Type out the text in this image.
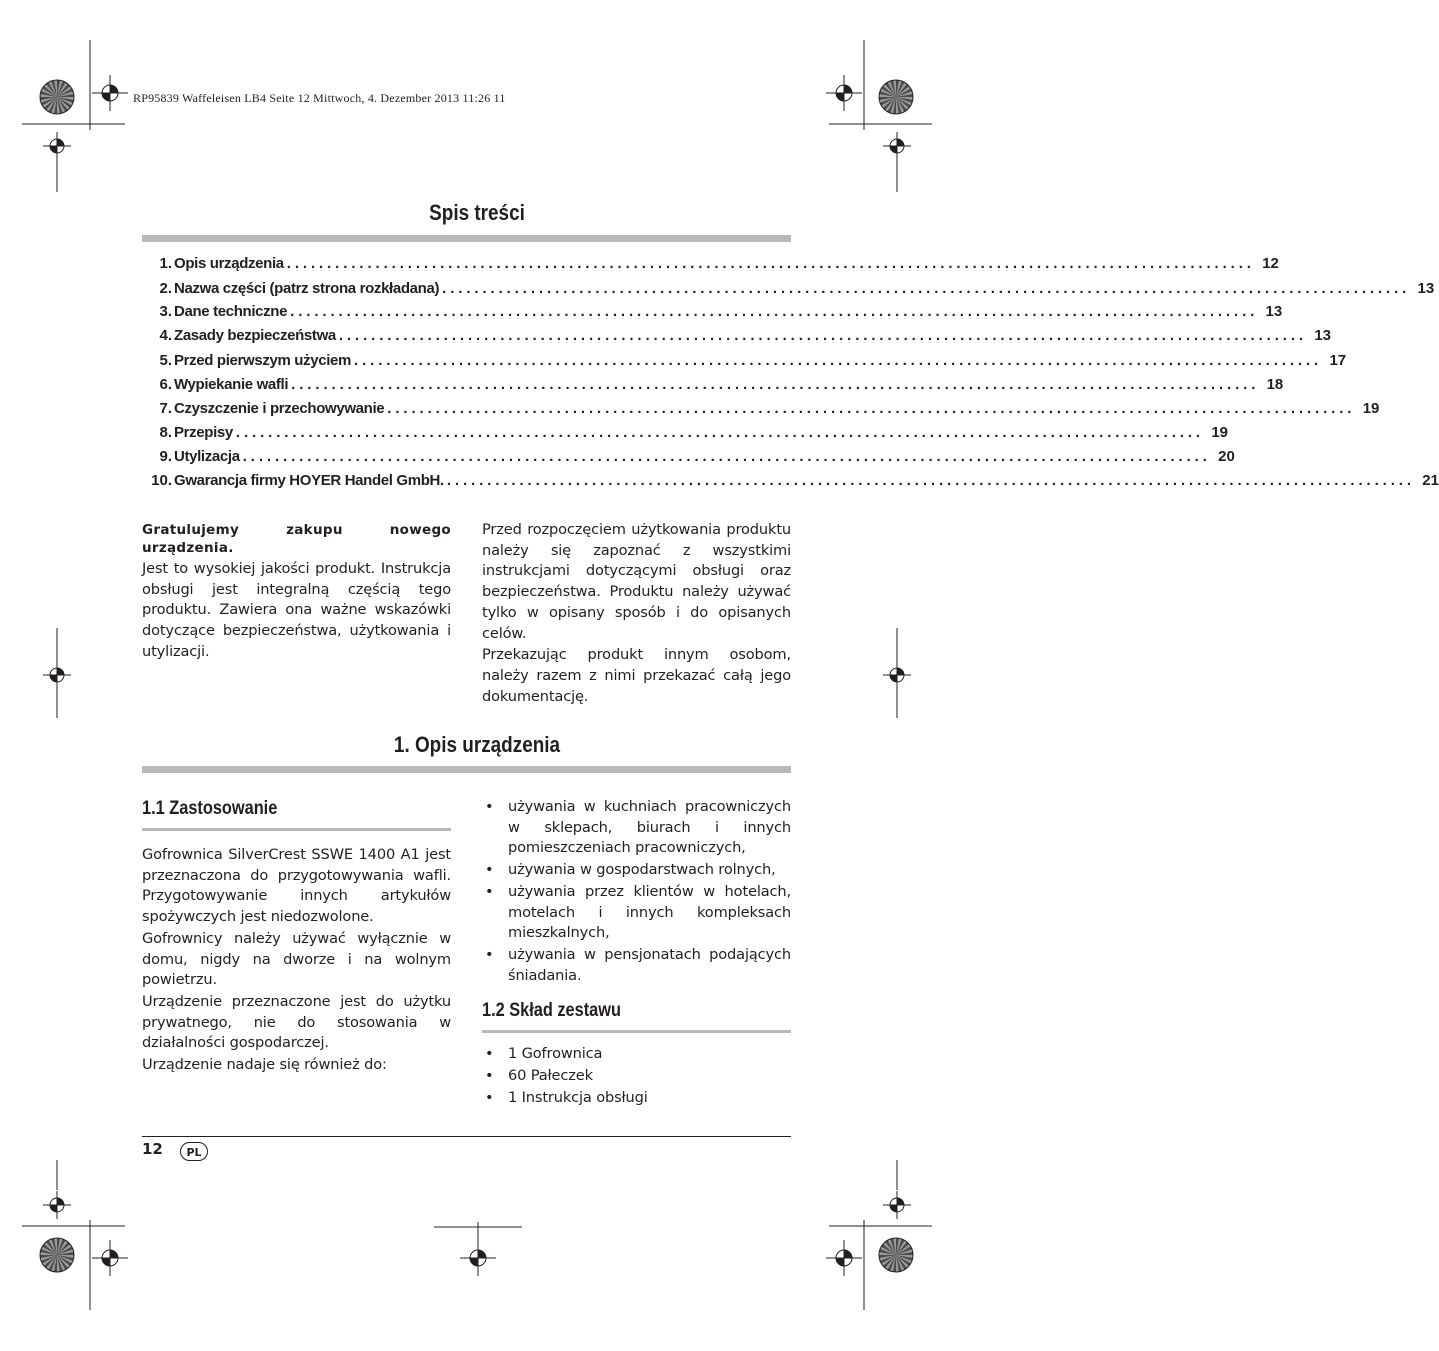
RP95839 Waffeleisen LB4 Seite 12 Mittwoch, 4. Dezember 2013 11:26 11
Spis treści
1. Opis urządzenia ........................................................................................................................ 12
2. Nazwa części (patrz strona rozkładana) ........................................................................................................................ 13
3. Dane techniczne ........................................................................................................................ 13
4. Zasady bezpieczeństwa ........................................................................................................................ 13
5. Przed pierwszym użyciem ........................................................................................................................ 17
6. Wypiekanie wafli ........................................................................................................................ 18
7. Czyszczenie i przechowywanie ........................................................................................................................ 19
8. Przepisy ........................................................................................................................ 19
9. Utylizacja ........................................................................................................................ 20
10. Gwarancja firmy HOYER Handel GmbH. ........................................................................................................................ 21
Gratulujemy zakupu nowego
urządzenia.

Jest to wysokiej jakości produkt. Instrukcja obsługi jest integralną częścią tego produktu. Zawiera ona ważne wskazówki dotyczące bezpieczeństwa, użytkowania i utylizacji.

Przed rozpoczęciem użytkowania produktu należy się zapoznać z wszystkimi instrukcjami dotyczącymi obsługi oraz bezpieczeństwa. Produktu należy używać tylko w opisany sposób i do opisanych celów.

Przekazując produkt innym osobom, należy razem z nimi przekazać całą jego dokumentację.

1. Opis urządzenia
1.1 Zastosowanie

Gofrownica SilverCrest SSWE 1400 A1 jest przeznaczona do przygotowywania wafli. Przygotowywanie innych artykułów spożywczych jest niedozwolone.

Gofrownicy należy używać wyłącznie w domu, nigdy na dworze i na wolnym powietrzu.

Urządzenie przeznaczone jest do użytku prywatnego, nie do stosowania w działalności gospodarczej.

Urządzenie nadaje się również do:

• używania w kuchniach pracowniczych w sklepach, biurach i innych pomieszczeniach pracowniczych,
• używania w gospodarstwach rolnych,
• używania przez klientów w hotelach, motelach i innych kompleksach mieszkalnych,
• używania w pensjonatach podających śniadania.
1.2 Skład zestawu
• 1 Gofrownica
• 60 Pałeczek
• 1 Instrukcja obsługi
12	PL
